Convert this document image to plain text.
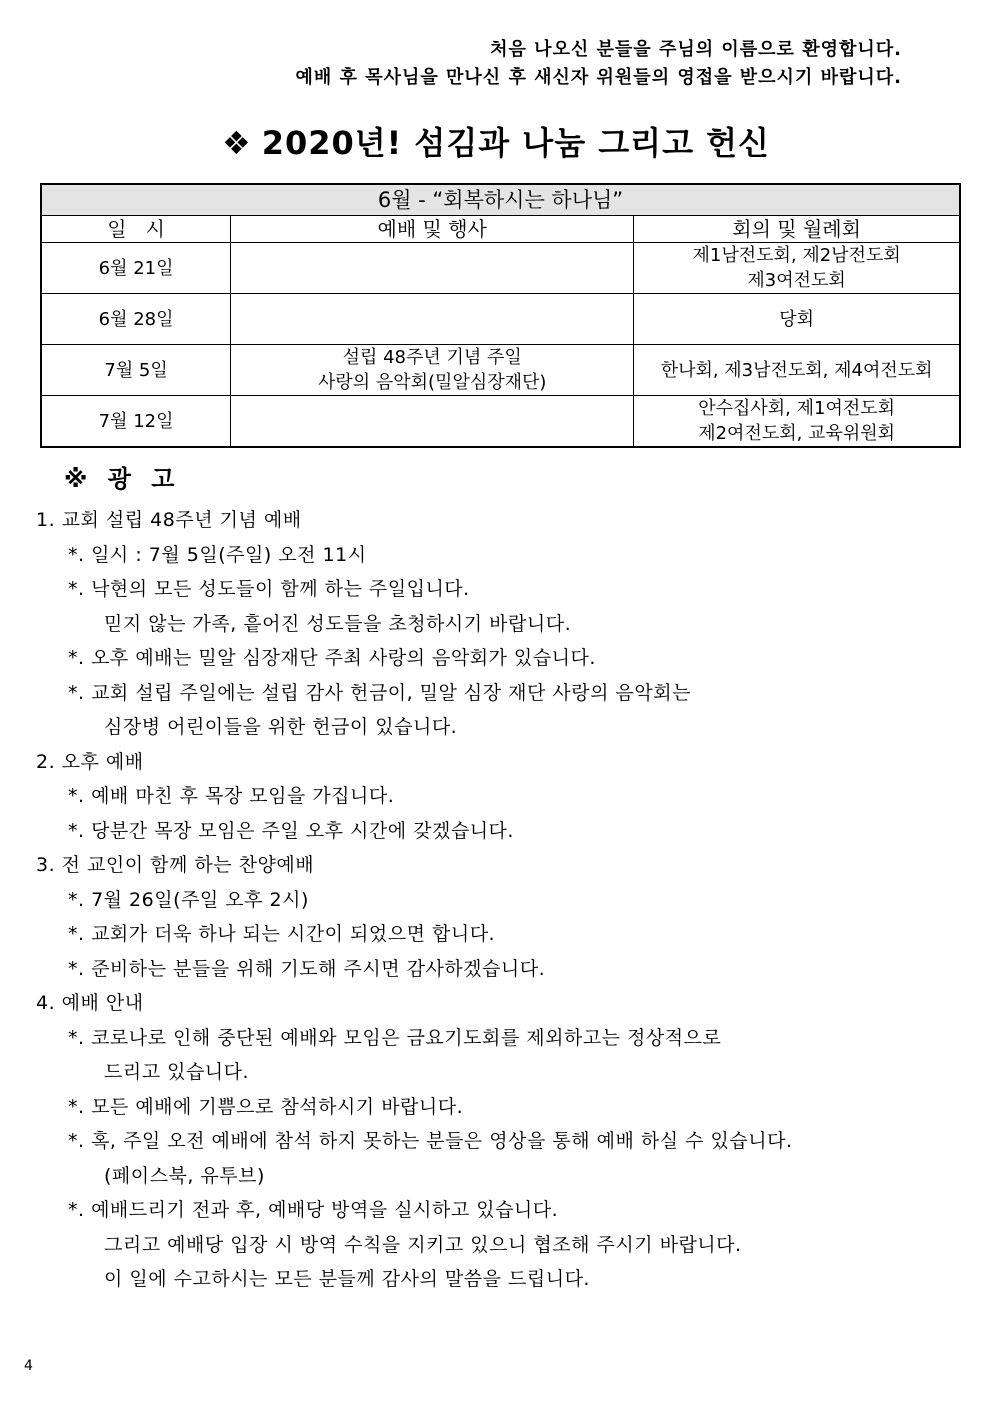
처음 나오신 분들을 주님의 이름으로 환영합니다.
예배 후 목사님을 만나신 후 새신자 위원들의 영접을 받으시기 바랍니다.
❖ 2020년! 섬김과 나눔 그리고 헌신
6월 - “회복하시는 하나님”		
일   시	예배 및 행사	회의 및 월례회
6월 21일		제1남전도회, 제2남전도회
제3여전도회

6월 28일		당회

7월 5일	설립 48주년 기념 주일
사랑의 음악회(밀알심장재단)	한나회, 제3남전도회, 제4여전도회

7월 12일		안수집사회, 제1여전도회
제2여전도회, 교육위원회
※ 광 고
1. 교회 설립 48주년 기념 예배
*. 일시 : 7월 5일(주일) 오전 11시
*. 낙현의 모든 성도들이 함께 하는 주일입니다.
믿지 않는 가족, 흩어진 성도들을 초청하시기 바랍니다.
*. 오후 예배는 밀알 심장재단 주최 사랑의 음악회가 있습니다.
*. 교회 설립 주일에는 설립 감사 헌금이, 밀알 심장 재단 사랑의 음악회는
심장병 어린이들을 위한 헌금이 있습니다.
2. 오후 예배
*. 예배 마친 후 목장 모임을 가집니다.
*. 당분간 목장 모임은 주일 오후 시간에 갖겠습니다.
3. 전 교인이 함께 하는 찬양예배
*. 7월 26일(주일 오후 2시)
*. 교회가 더욱 하나 되는 시간이 되었으면 합니다.
*. 준비하는 분들을 위해 기도해 주시면 감사하겠습니다.
4. 예배 안내
*. 코로나로 인해 중단된 예배와 모임은 금요기도회를 제외하고는 정상적으로
드리고 있습니다.
*. 모든 예배에 기쁨으로 참석하시기 바랍니다.
*. 혹, 주일 오전 예배에 참석 하지 못하는 분들은 영상을 통해 예배 하실 수 있습니다.
(페이스북, 유투브)
*. 예배드리기 전과 후, 예배당 방역을 실시하고 있습니다.
그리고 예배당 입장 시 방역 수칙을 지키고 있으니 협조해 주시기 바랍니다.
이 일에 수고하시는 모든 분들께 감사의 말씀을 드립니다.
4
